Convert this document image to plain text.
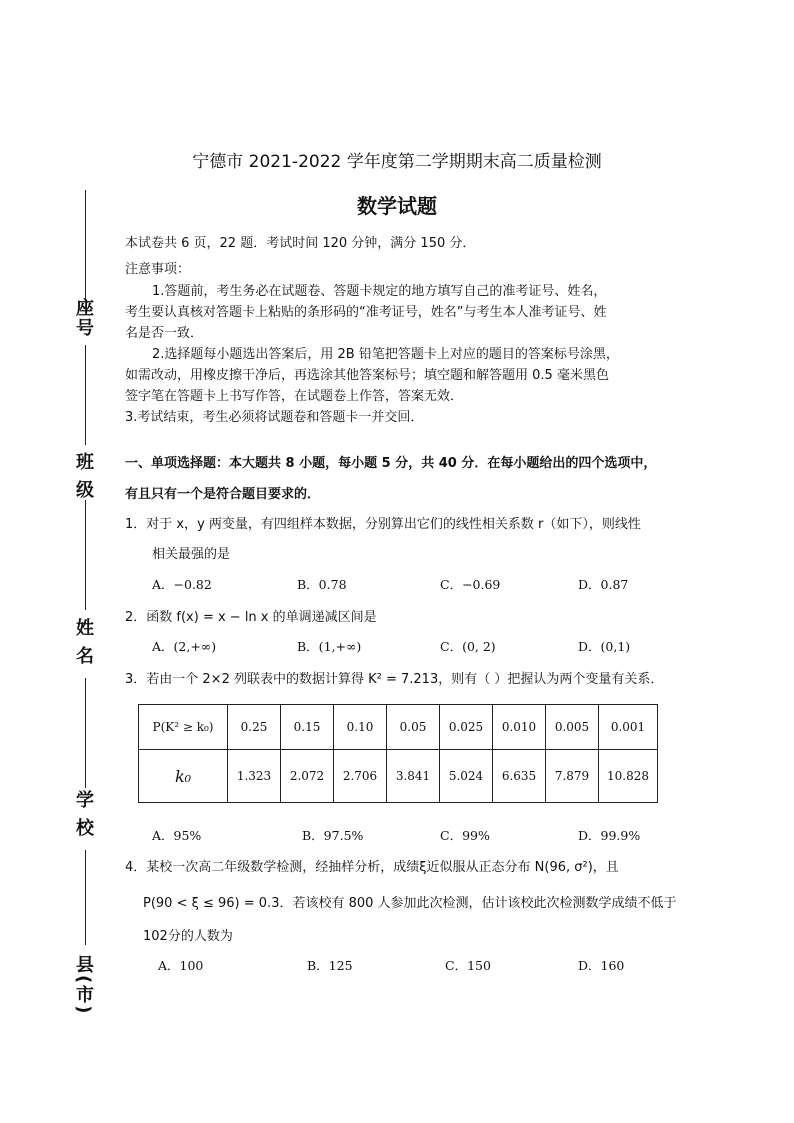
座号
班 级
姓 名
学 校
县(市)
宁德市 2021-2022 学年度第二学期期末高二质量检测
数学试题
本试卷共 6 页，22 题．考试时间 120 分钟，满分 150 分．
注意事项：
1.答题前，考生务必在试题卷、答题卡规定的地方填写自己的准考证号、姓名，
考生要认真核对答题卡上粘贴的条形码的“准考证号，姓名”与考生本人准考证号、姓
名是否一致．
2.选择题每小题选出答案后，用 2B 铅笔把答题卡上对应的题目的答案标号涂黑，
如需改动，用橡皮擦干净后，再选涂其他答案标号；填空题和解答题用 0.5 毫米黑色
签字笔在答题卡上书写作答，在试题卷上作答，答案无效．
3.考试结束，考生必须将试题卷和答题卡一并交回．
一、单项选择题：本大题共 8 小题，每小题 5 分，共 40 分．在每小题给出的四个选项中，
有且只有一个是符合题目要求的．
1．对于 x，y 两变量，有四组样本数据，分别算出它们的线性相关系数 r（如下），则线性
相关最强的是
A．−0.82	B．0.78	C．−0.69	D．0.87
2．函数 f(x) = x − ln x 的单调递减区间是
A．(2,+∞)	B．(1,+∞)	C．(0, 2)	D．(0,1)
3．若由一个 2×2 列联表中的数据计算得 K² = 7.213，则有（ ）把握认为两个变量有关系．
P(K² ≥ k₀)	0.25	0.15	0.10	0.05	0.025	0.010	0.005	0.001
k₀	1.323	2.072	2.706	3.841	5.024	6.635	7.879	10.828
A．95%	B．97.5%	C．99%	D．99.9%
4．某校一次高二年级数学检测，经抽样分析，成绩ξ近似服从正态分布 N(96, σ²)，且
P(90 < ξ ≤ 96) = 0.3．若该校有 800 人参加此次检测，估计该校此次检测数学成绩不低于
102分的人数为
A．100	B．125	C．150	D．160
